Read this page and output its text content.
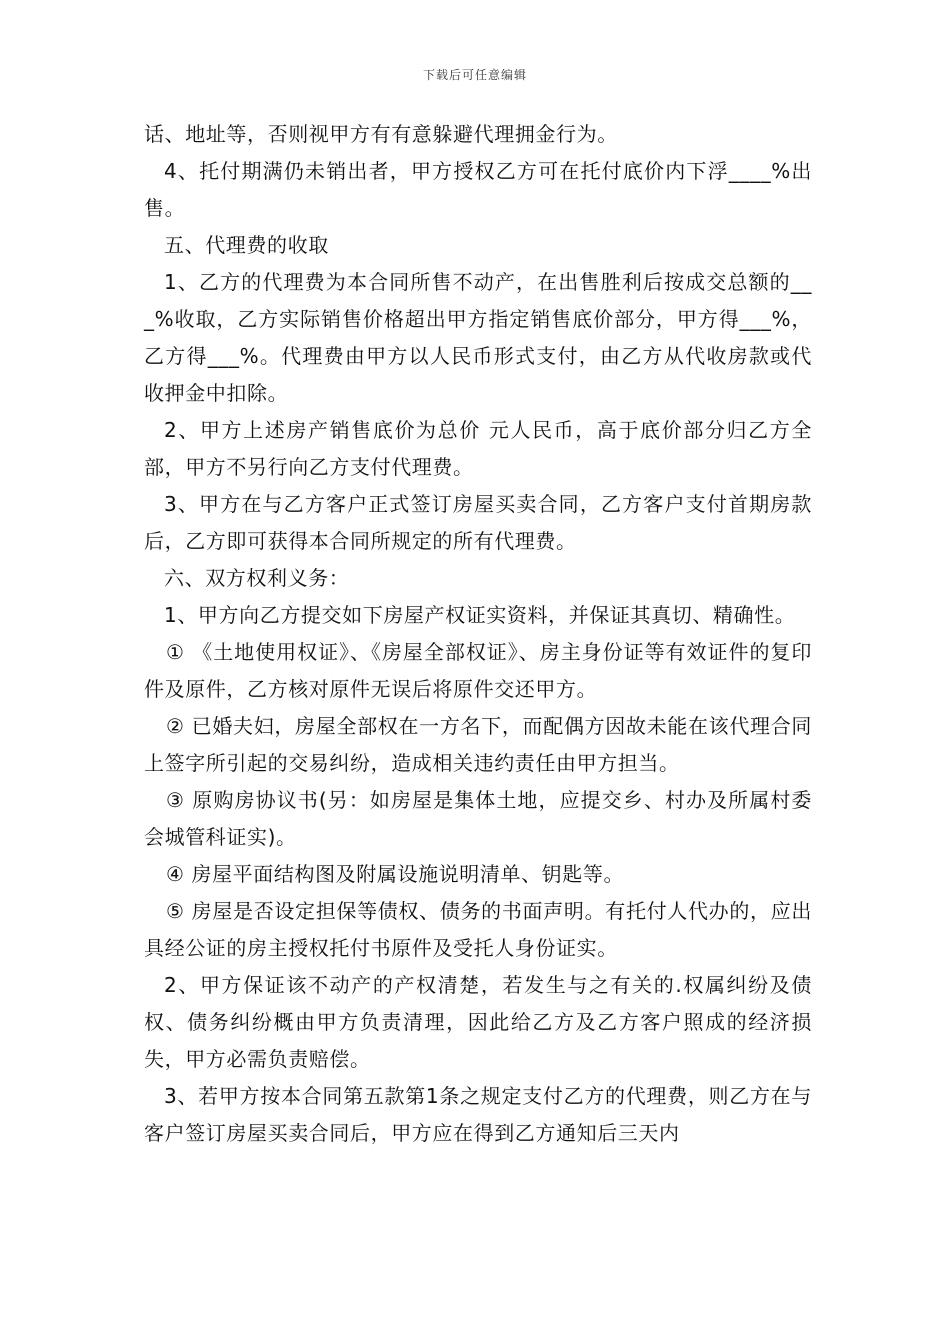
下载后可任意编辑

话、地址等，否则视甲方有有意躲避代理拥金行为。

4、托付期满仍未销出者，甲方授权乙方可在托付底价内下浮____%出售。

五、代理费的收取

1、乙方的代理费为本合同所售不动产，在出售胜利后按成交总额的___%收取，乙方实际销售价格超出甲方指定销售底价部分，甲方得___%，乙方得___%。代理费由甲方以人民币形式支付，由乙方从代收房款或代收押金中扣除。

2、甲方上述房产销售底价为总价 元人民币，高于底价部分归乙方全部，甲方不另行向乙方支付代理费。

3、甲方在与乙方客户正式签订房屋买卖合同，乙方客户支付首期房款后，乙方即可获得本合同所规定的所有代理费。

六、双方权利义务：

1、甲方向乙方提交如下房屋产权证实资料，并保证其真切、精确性。

① 《土地使用权证》、《房屋全部权证》、房主身份证等有效证件的复印件及原件，乙方核对原件无误后将原件交还甲方。

② 已婚夫妇，房屋全部权在一方名下，而配偶方因故未能在该代理合同上签字所引起的交易纠纷，造成相关违约责任由甲方担当。

③ 原购房协议书(另：如房屋是集体土地，应提交乡、村办及所属村委会城管科证实)。

④ 房屋平面结构图及附属设施说明清单、钥匙等。

⑤ 房屋是否设定担保等债权、债务的书面声明。有托付人代办的，应出具经公证的房主授权托付书原件及受托人身份证实。

2、甲方保证该不动产的产权清楚，若发生与之有关的.权属纠纷及债权、债务纠纷概由甲方负责清理，因此给乙方及乙方客户照成的经济损失，甲方必需负责赔偿。

3、若甲方按本合同第五款第1条之规定支付乙方的代理费，则乙方在与客户签订房屋买卖合同后，甲方应在得到乙方通知后三天内
